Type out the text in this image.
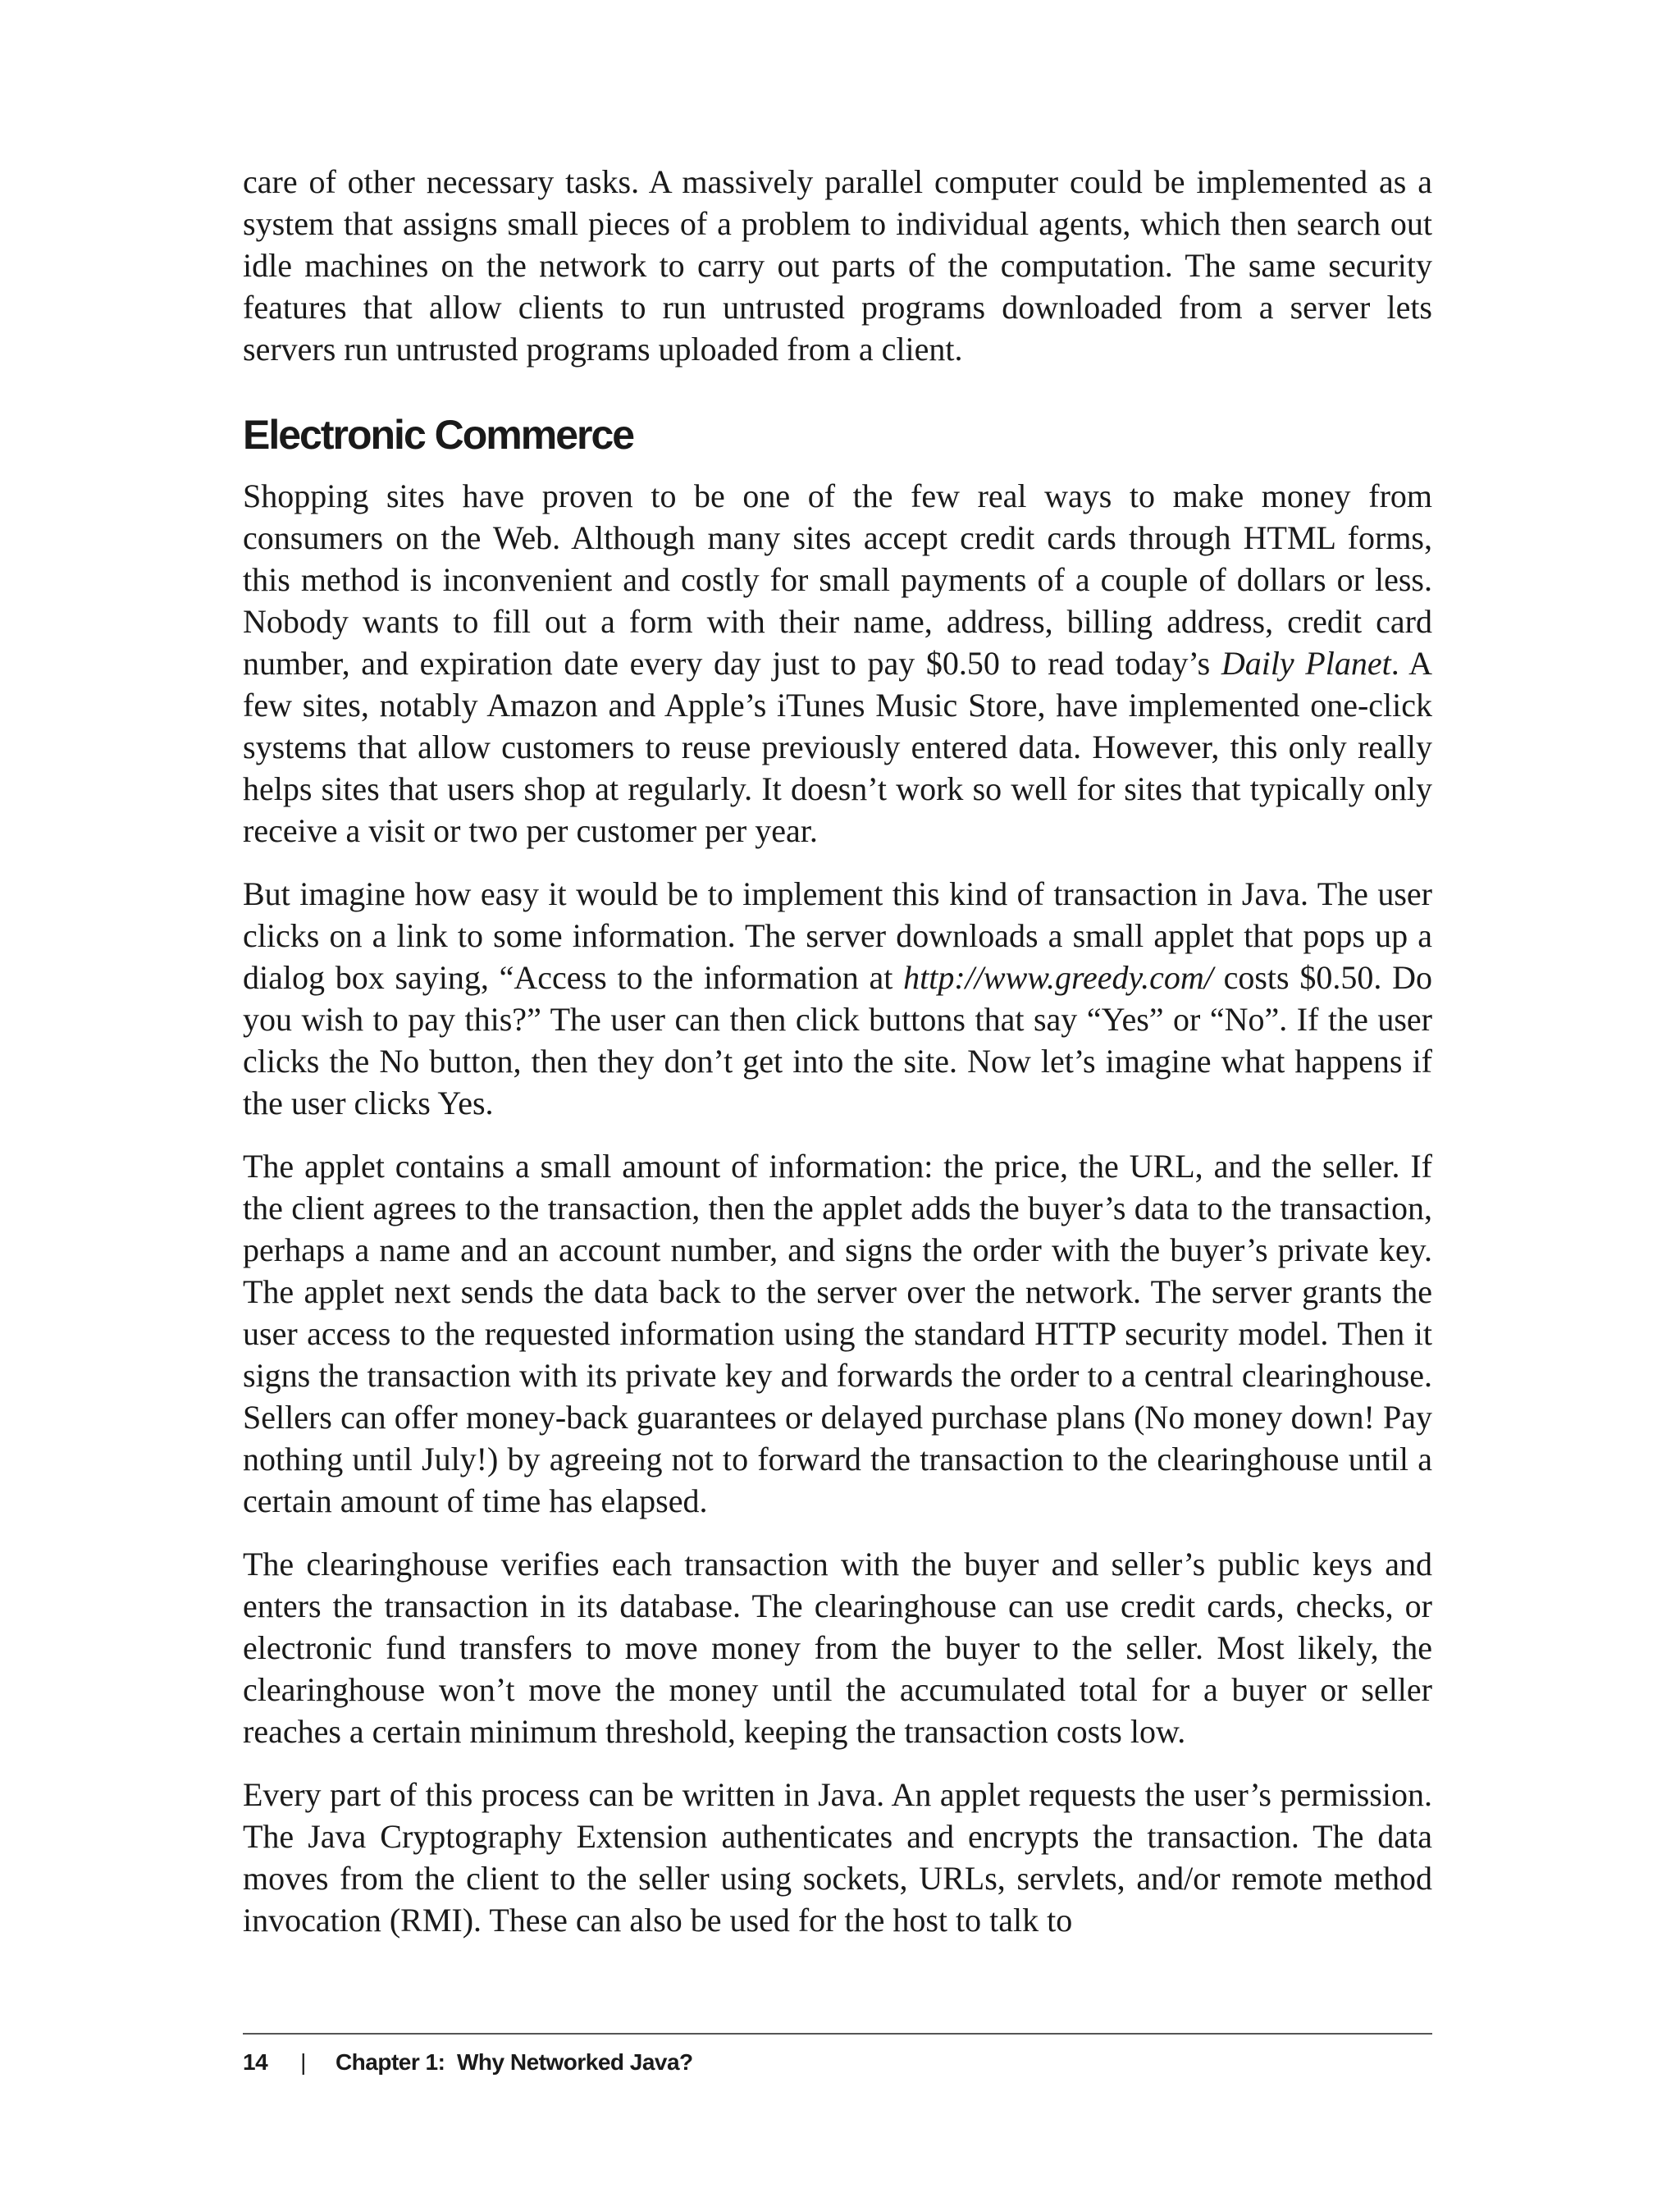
care of other necessary tasks. A massively parallel computer could be implemented as a system that assigns small pieces of a problem to individual agents, which then search out idle machines on the network to carry out parts of the computation. The same security features that allow clients to run untrusted programs downloaded from a server lets servers run untrusted programs uploaded from a client.

Electronic Commerce

Shopping sites have proven to be one of the few real ways to make money from consumers on the Web. Although many sites accept credit cards through HTML forms, this method is inconvenient and costly for small payments of a couple of dollars or less. Nobody wants to fill out a form with their name, address, billing address, credit card number, and expiration date every day just to pay $0.50 to read today’s Daily Planet. A few sites, notably Amazon and Apple’s iTunes Music Store, have implemented one-click systems that allow customers to reuse previously entered data. However, this only really helps sites that users shop at regularly. It doesn’t work so well for sites that typically only receive a visit or two per customer per year.

But imagine how easy it would be to implement this kind of transaction in Java. The user clicks on a link to some information. The server downloads a small applet that pops up a dialog box saying, “Access to the information at http://www.greedy.com/ costs $0.50. Do you wish to pay this?” The user can then click buttons that say “Yes” or “No”. If the user clicks the No button, then they don’t get into the site. Now let’s imagine what happens if the user clicks Yes.

The applet contains a small amount of information: the price, the URL, and the seller. If the client agrees to the transaction, then the applet adds the buyer’s data to the transaction, perhaps a name and an account number, and signs the order with the buyer’s private key. The applet next sends the data back to the server over the network. The server grants the user access to the requested information using the standard HTTP security model. Then it signs the transaction with its private key and forwards the order to a central clearinghouse. Sellers can offer money-back guarantees or delayed purchase plans (No money down! Pay nothing until July!) by agreeing not to forward the transaction to the clearinghouse until a certain amount of time has elapsed.

The clearinghouse verifies each transaction with the buyer and seller’s public keys and enters the transaction in its database. The clearinghouse can use credit cards, checks, or electronic fund transfers to move money from the buyer to the seller. Most likely, the clearinghouse won’t move the money until the accumulated total for a buyer or seller reaches a certain minimum threshold, keeping the transaction costs low.

Every part of this process can be written in Java. An applet requests the user’s permission. The Java Cryptography Extension authenticates and encrypts the transaction. The data moves from the client to the seller using sockets, URLs, servlets, and/or remote method invocation (RMI). These can also be used for the host to talk to

14 | Chapter 1:  Why Networked Java?
